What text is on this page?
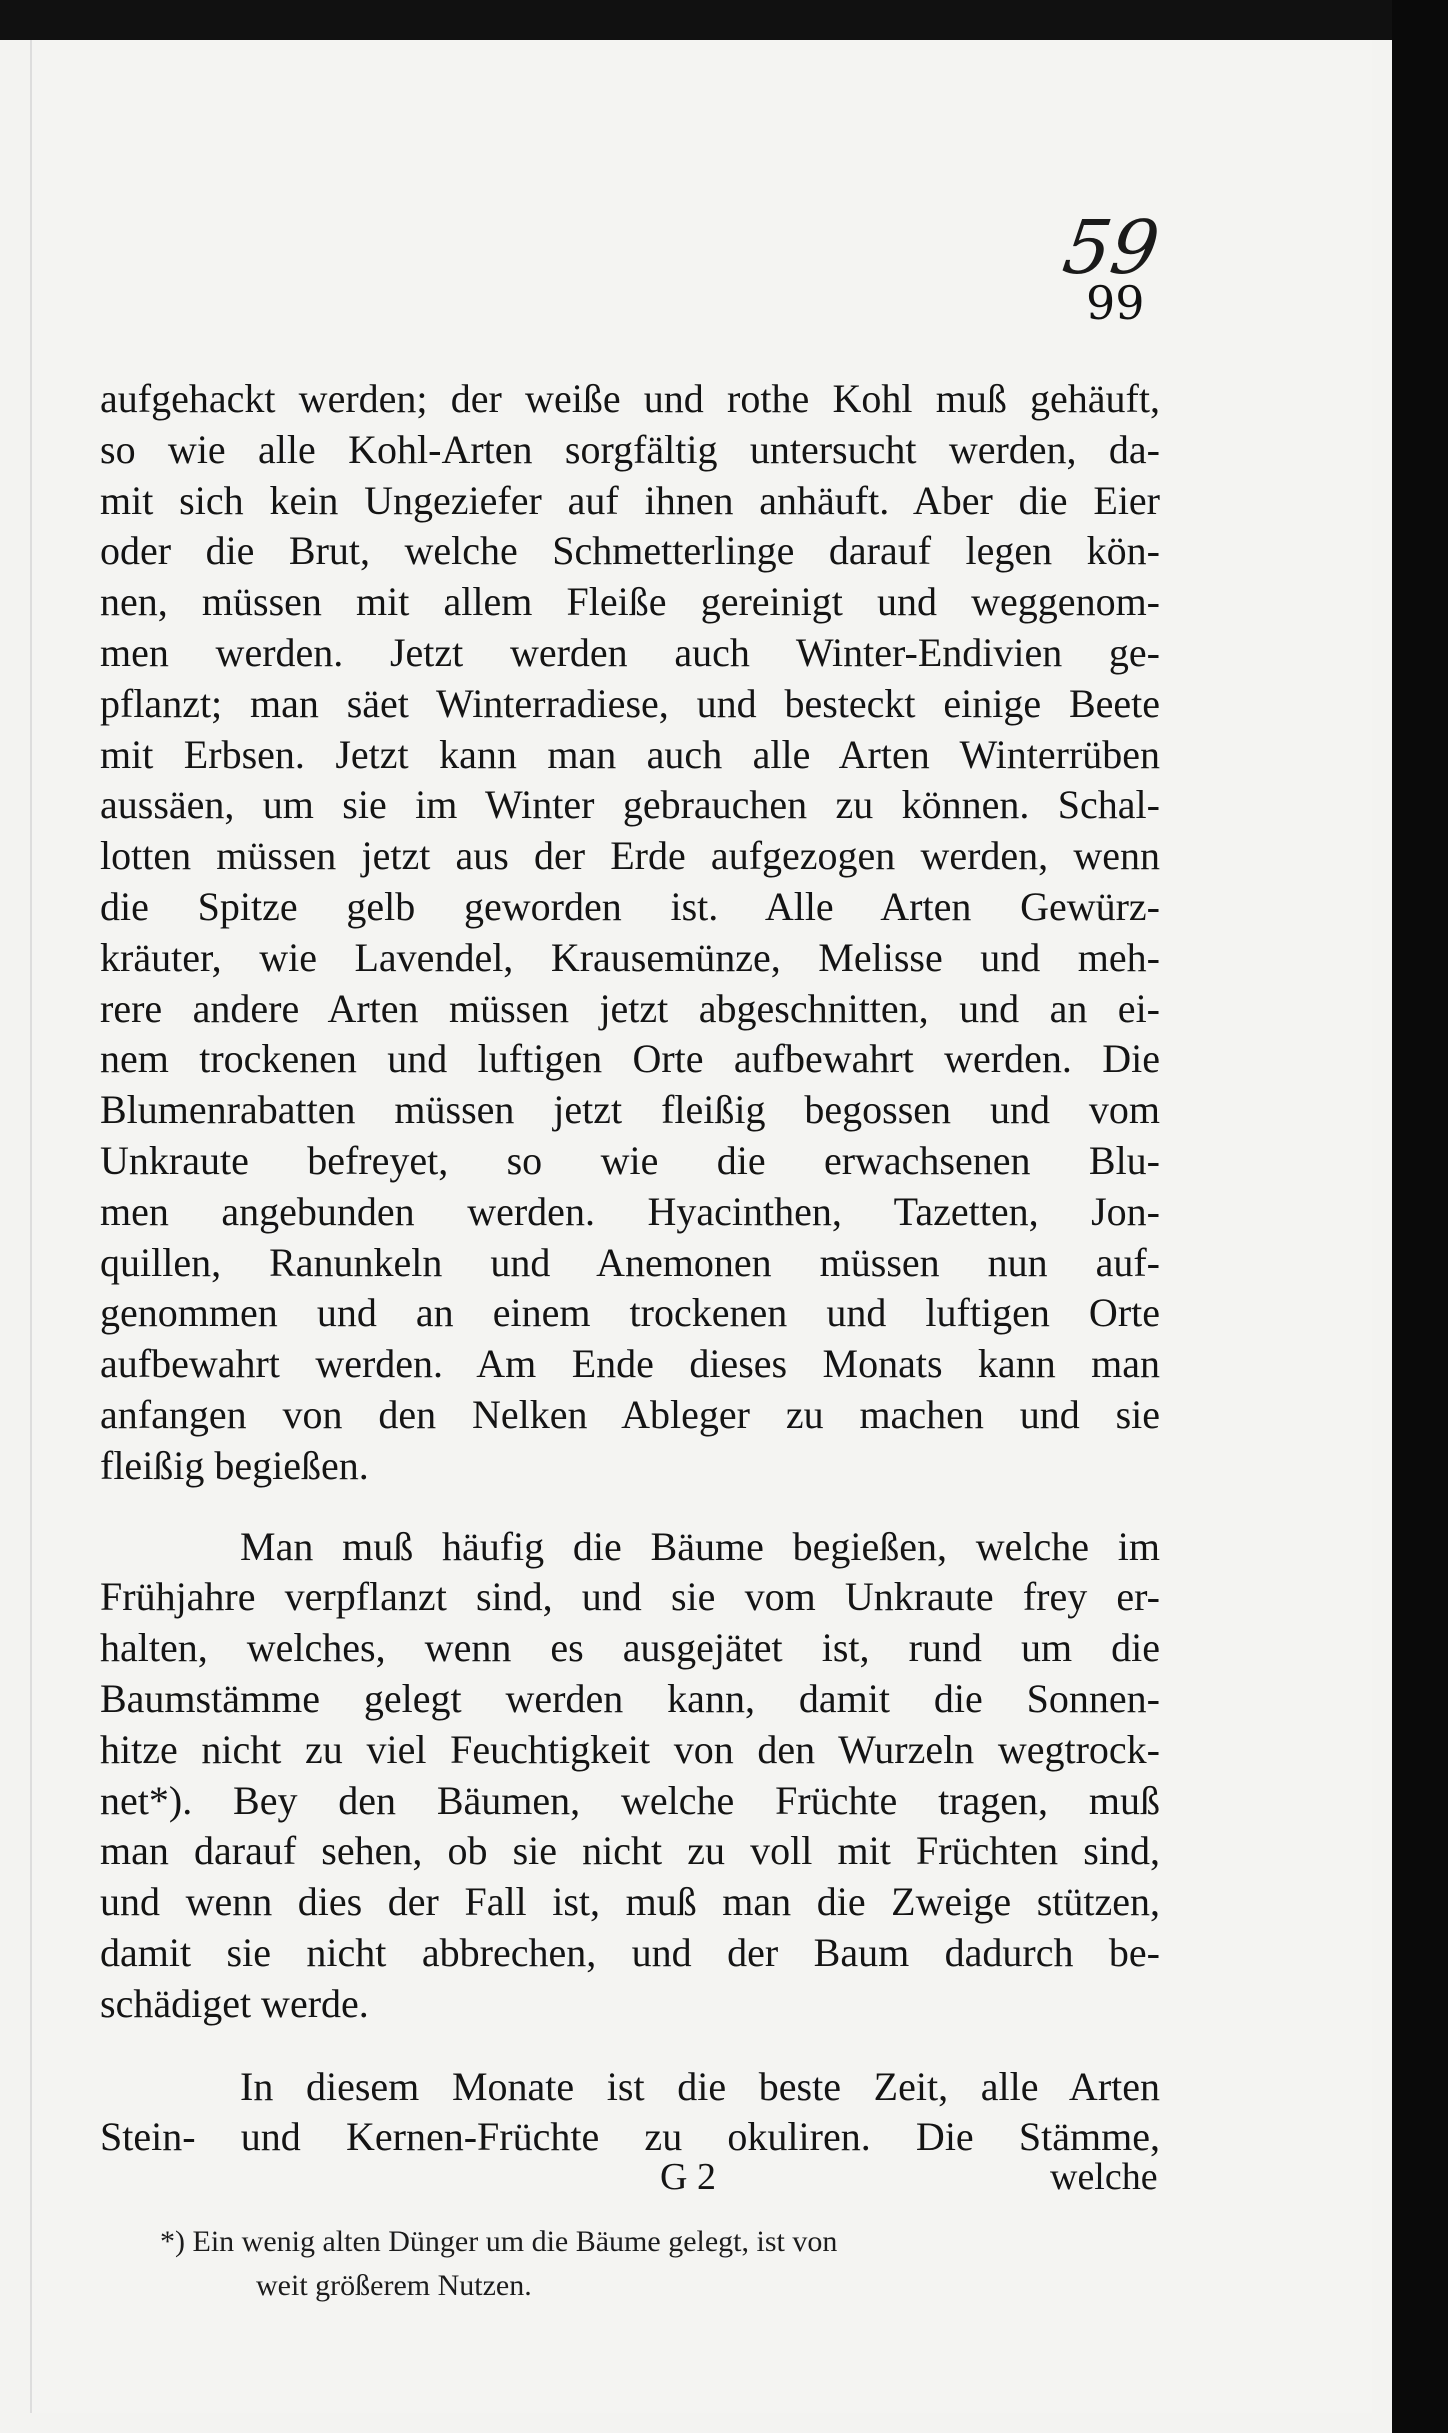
59
99
aufgehackt werden; der weiße und rothe Kohl muß gehäuft,
so wie alle Kohl-Arten sorgfältig untersucht werden, da-
mit sich kein Ungeziefer auf ihnen anhäuft. Aber die Eier
oder die Brut, welche Schmetterlinge darauf legen kön-
nen, müssen mit allem Fleiße gereinigt und weggenom-
men werden. Jetzt werden auch Winter-Endivien ge-
pflanzt; man säet Winterradiese, und besteckt einige Beete
mit Erbsen. Jetzt kann man auch alle Arten Winterrüben
aussäen, um sie im Winter gebrauchen zu können. Schal-
lotten müssen jetzt aus der Erde aufgezogen werden, wenn
die Spitze gelb geworden ist. Alle Arten Gewürz-
kräuter, wie Lavendel, Krausemünze, Melisse und meh-
rere andere Arten müssen jetzt abgeschnitten, und an ei-
nem trockenen und luftigen Orte aufbewahrt werden. Die
Blumenrabatten müssen jetzt fleißig begossen und vom
Unkraute befreyet, so wie die erwachsenen Blu-
men angebunden werden. Hyacinthen, Tazetten, Jon-
quillen, Ranunkeln und Anemonen müssen nun auf-
genommen und an einem trockenen und luftigen Orte
aufbewahrt werden. Am Ende dieses Monats kann man
anfangen von den Nelken Ableger zu machen und sie
fleißig begießen.
Man muß häufig die Bäume begießen, welche im
Frühjahre verpflanzt sind, und sie vom Unkraute frey er-
halten, welches, wenn es ausgejätet ist, rund um die
Baumstämme gelegt werden kann, damit die Sonnen-
hitze nicht zu viel Feuchtigkeit von den Wurzeln wegtrock-
net*). Bey den Bäumen, welche Früchte tragen, muß
man darauf sehen, ob sie nicht zu voll mit Früchten sind,
und wenn dies der Fall ist, muß man die Zweige stützen,
damit sie nicht abbrechen, und der Baum dadurch be-
schädiget werde.
In diesem Monate ist die beste Zeit, alle Arten
Stein- und Kernen-Früchte zu okuliren. Die Stämme,
G 2	welche
*) Ein wenig alten Dünger um die Bäume gelegt, ist von
weit größerem Nutzen.
